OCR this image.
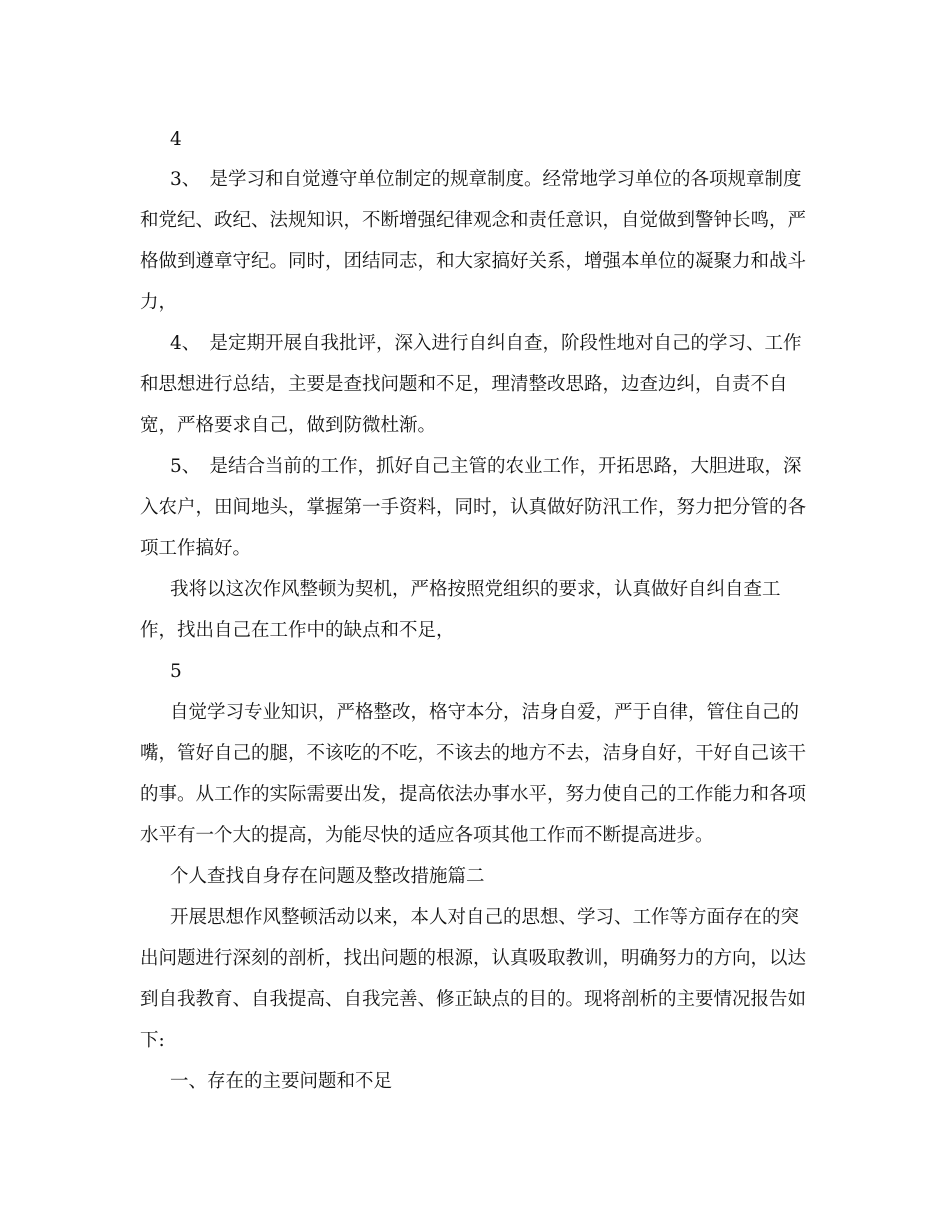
4
3、　是学习和自觉遵守单位制定的规章制度。经常地学习单位的各项规章制度
和党纪、政纪、法规知识，不断增强纪律观念和责任意识，自觉做到警钟长鸣，严
格做到遵章守纪。同时，团结同志，和大家搞好关系，增强本单位的凝聚力和战斗
力，
4、　是定期开展自我批评，深入进行自纠自查，阶段性地对自己的学习、工作
和思想进行总结，主要是查找问题和不足，理清整改思路，边查边纠，自责不自
宽，严格要求自己，做到防微杜渐。
5、　是结合当前的工作，抓好自己主管的农业工作，开拓思路，大胆进取，深
入农户，田间地头，掌握第一手资料，同时，认真做好防汛工作，努力把分管的各
项工作搞好。
我将以这次作风整顿为契机，严格按照党组织的要求，认真做好自纠自查工
作，找出自己在工作中的缺点和不足，
5
自觉学习专业知识，严格整改，格守本分，洁身自爱，严于自律，管住自己的
嘴，管好自己的腿，不该吃的不吃，不该去的地方不去，洁身自好，干好自己该干
的事。从工作的实际需要出发，提高依法办事水平，努力使自己的工作能力和各项
水平有一个大的提高，为能尽快的适应各项其他工作而不断提高进步。
个人查找自身存在问题及整改措施篇二
开展思想作风整顿活动以来，本人对自己的思想、学习、工作等方面存在的突
出问题进行深刻的剖析，找出问题的根源，认真吸取教训，明确努力的方向，以达
到自我教育、自我提高、自我完善、修正缺点的目的。现将剖析的主要情况报告如
下:
一、存在的主要问题和不足
